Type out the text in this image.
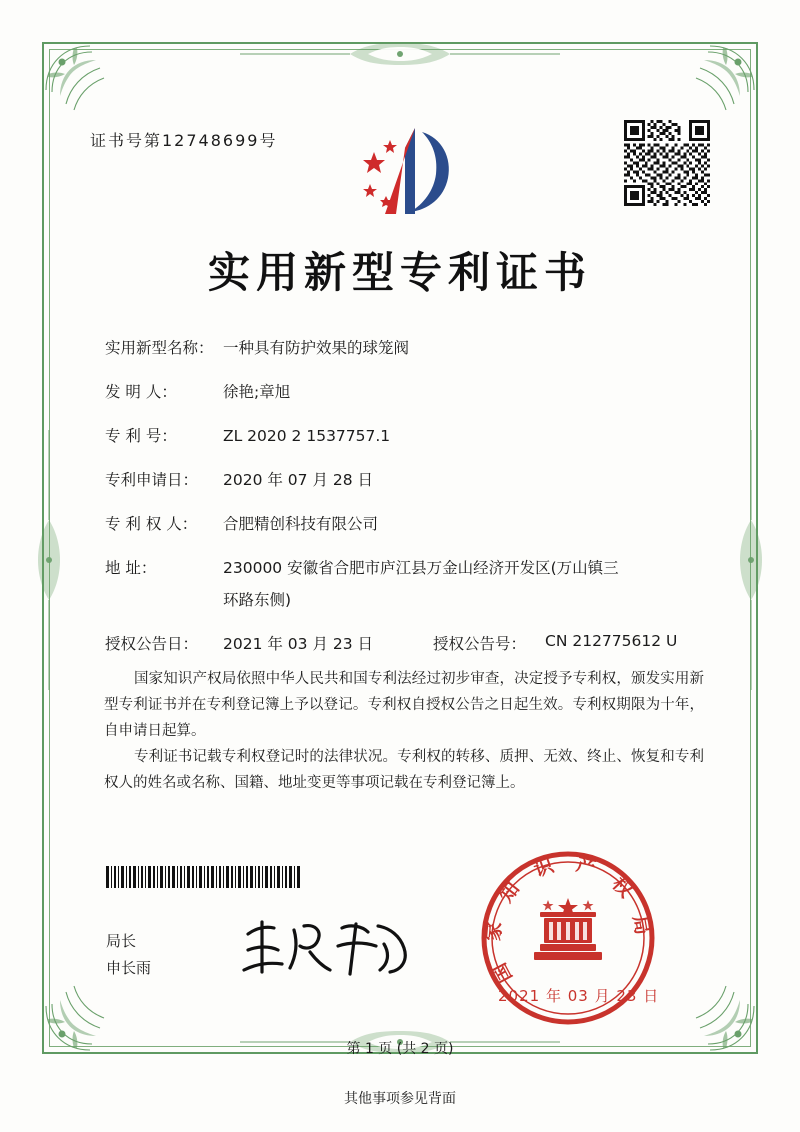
证书号第12748699号
实用新型专利证书
实用新型名称： 一种具有防护效果的球笼阀
发 明 人：	徐艳;章旭
专 利 号：	ZL 2020 2 1537757.1
专利申请日：	2020 年 07 月 28 日
专 利 权 人：	合肥精创科技有限公司
地 址：	230000 安徽省合肥市庐江县万金山经济开发区(万山镇三
环路东侧)
授权公告日：	2021 年 03 月 23 日	授权公告号：	CN 212775612 U
国家知识产权局依照中华人民共和国专利法经过初步审查，决定授予专利权，颁发实用新型专利证书并在专利登记簿上予以登记。专利权自授权公告之日起生效。专利权期限为十年，自申请日起算。
专利证书记载专利权登记时的法律状况。专利权的转移、质押、无效、终止、恢复和专利权人的姓名或名称、国籍、地址变更等事项记载在专利登记簿上。
局长
申长雨	国
家
知
识 产
权
局
2021 年 03 月 23 日
第 1 页 (共 2 页)
其他事项参见背面
